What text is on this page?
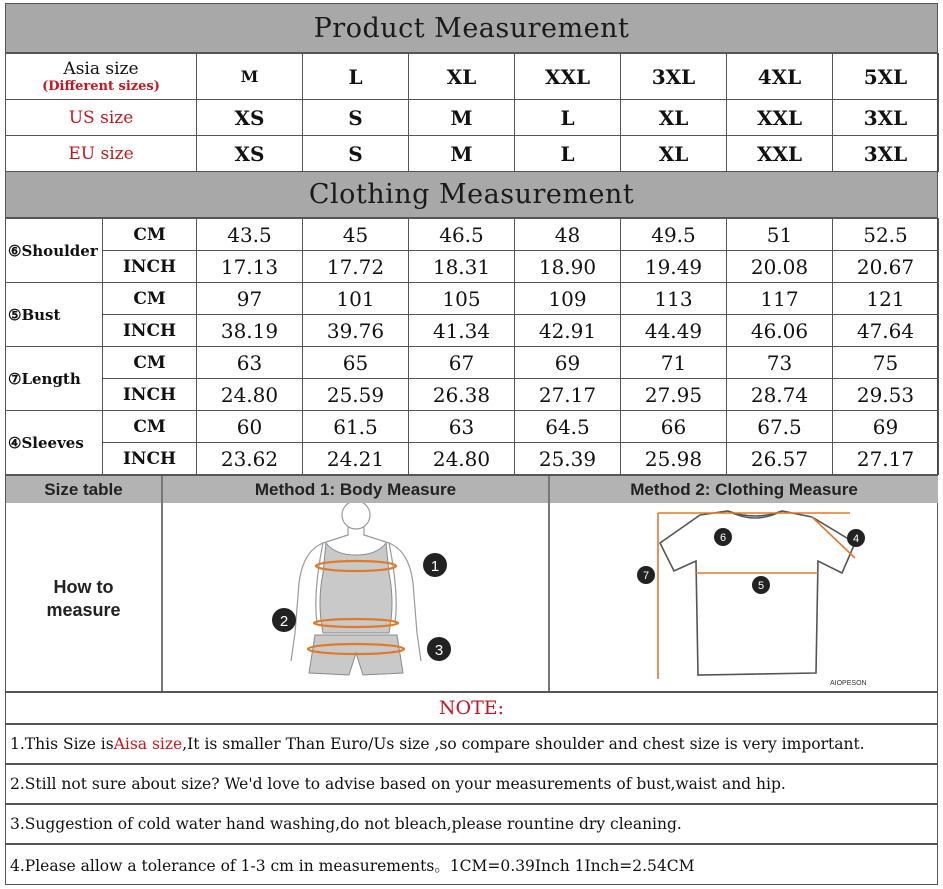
Product Measurement
Asia size
(Different sizes)	M	L	XL	XXL	3XL	4XL	5XL
US size	XS	S	M	L	XL	XXL	3XL
EU size	XS	S	M	L	XL	XXL	3XL
Clothing Measurement
⑥Shoulder	CM	43.5	45	46.5	48	49.5	51	52.5
	INCH	17.13	17.72	18.31	18.90	19.49	20.08	20.67
⑤Bust	CM	97	101	105	109	113	117	121
	INCH	38.19	39.76	41.34	42.91	44.49	46.06	47.64
⑦Length	CM	63	65	67	69	71	73	75
	INCH	24.80	25.59	26.38	27.17	27.95	28.74	29.53
④Sleeves	CM	60	61.5	63	64.5	66	67.5	69
	INCH	23.62	24.21	24.80	25.39	25.98	26.57	27.17
Size table	Method 1: Body Measure	Method 2: Clothing Measure
How to
measure
1
2
3
6	4
7
5
AIOPESON
NOTE:
1.This Size is Aisa size ,It is smaller Than Euro/Us size ,so compare shoulder and chest size is very important.
2.Still not sure about size? We'd love to advise based on your measurements of bust,waist and hip.
3.Suggestion of cold water hand washing,do not bleach,please rountine dry cleaning.
4.Please allow a tolerance of 1-3 cm in measurements。1CM=0.39Inch 1Inch=2.54CM
